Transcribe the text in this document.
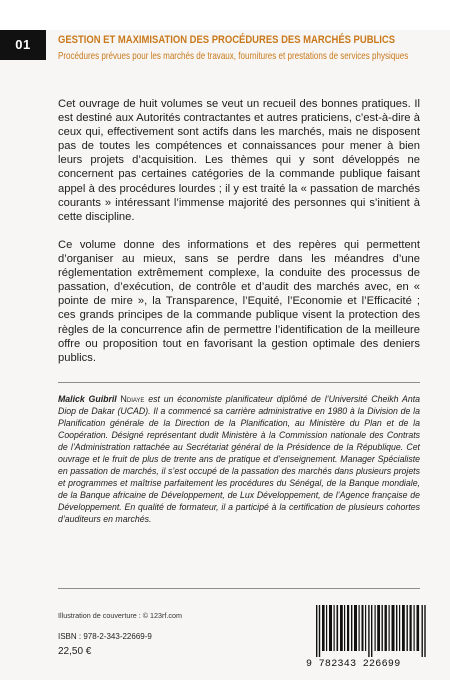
01	GESTION ET MAXIMISATION DES PROCÉDURES DES MARCHÉS PUBLICS
Procédures prévues pour les marchés de travaux, fournitures et prestations de services physiques

Cet ouvrage de huit volumes se veut un recueil des bonnes pratiques. Il est destiné aux Autorités contractantes et autres praticiens, c’est-à-dire à ceux qui, effectivement sont actifs dans les marchés, mais ne disposent pas de toutes les compétences et connaissances pour mener à bien leurs projets d’acquisition. Les thèmes qui y sont développés ne concernent pas certaines catégories de la commande publique faisant appel à des procédures lourdes ; il y est traité la « passation de marchés courants » intéressant l’immense majorité des personnes qui s’initient à cette discipline.

Ce volume donne des informations et des repères qui permettent d’organiser au mieux, sans se perdre dans les méandres d’une réglementation extrêmement complexe, la conduite des processus de passation, d’exécution, de contrôle et d’audit des marchés avec, en « pointe de mire », la Transparence, l’Equité, l’Economie et l’Efficacité ; ces grands principes de la commande publique visent la protection des règles de la concurrence afin de permettre l’identification de la meilleure offre ou proposition tout en favorisant la gestion optimale des deniers publics.

Malick Guibril Ndiaye est un économiste planificateur diplômé de l’Université Cheikh Anta Diop de Dakar (UCAD). Il a commencé sa carrière administrative en 1980 à la Division de la Planification générale de la Direction de la Planification, au Ministère du Plan et de la Coopération. Désigné représentant dudit Ministère à la Commission nationale des Contrats de l’Administration rattachée au Secrétariat général de la Présidence de la République. Cet ouvrage et le fruit de plus de trente ans de pratique et d’enseignement. Manager Spécialiste en passation de marchés, il s’est occupé de la passation des marchés dans plusieurs projets et programmes et maîtrise parfaitement les procédures du Sénégal, de la Banque mondiale, de la Banque africaine de Développement, de Lux Développement, de l’Agence française de Développement. En qualité de formateur, il a participé à la certification de plusieurs cohortes d’auditeurs en marchés.

Illustration de couverture : © 123rf.com
ISBN : 978-2-343-22669-9
22,50 €
9 782343 226699
